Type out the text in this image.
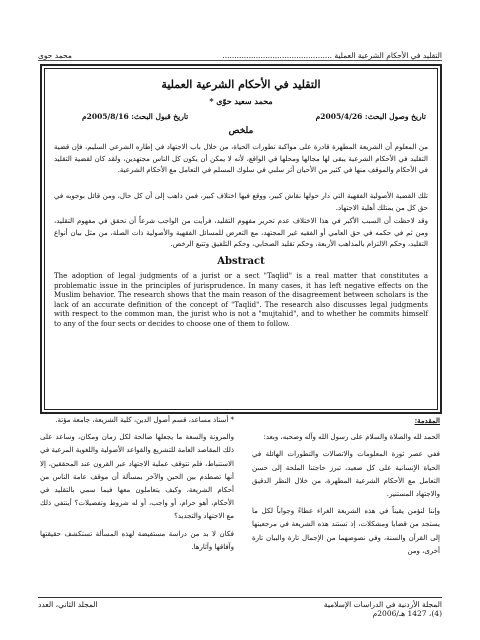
التقليد في الأحكام الشرعية العملية ..............................................
محمد حوى
التقليد في الأحكام الشرعية العملية
محمد سعيد حوّى *
تاريخ وصول البحث: 2005/4/26م
تاريخ قبول البحث: 2005/8/16م
ملخص
من المعلوم أن الشريعة المطهرة قادرة على مواكبة تطورات الحياة، من خلال باب الاجتهاد في إطاره الشرعي السليم، فإن قضية التقليد في الأحكام الشرعية يبقى لها مجالها ومحلها في الواقع، لأنه لا يمكن أن يكون كل الناس مجتهدين، ولقد كان لقضية التقليد في الأحكام والموقف منها في كثير من الأحيان أثر سلبي في سلوك المسلم في التعامل مع الأحكام الشرعية.
تلك القضية الأصولية الفقهية التي دار حولها نقاش كبير، ووقع فيها اختلاف كبير، فمن ذاهب إلى أن كل حال، ومن قائل بوجوبه في حق كل من يمتلك أهلية الاجتهاد.
وقد لاحظت أن السبب الأكبر في هذا الاختلاف عدم تحرير مفهوم التقليد، فرأيت من الواجب شرعاً أن نحقق في مفهوم التقليد، ومن ثم في حكمه في حق العامي أو الفقيه غير المجتهد، مع التعرض للمسائل الفقهية والأصولية ذات الصلة، من مثل بيان أنواع التقليد، وحكم الالتزام بالمذاهب الأربعة، وحكم تقليد الصحابي، وحكم التلفيق وتتبع الرخص.
Abstract
The adoption of legal judgments of a jurist or a sect "Taqlid" is a real matter that constitutes a problematic issue in the principles of jurisprudence. In many cases, it has left negative effects on the Muslim behavior. The research shows that the main reason of the disagreement between scholars is the lack of an accurate definition of the concept of "Taqlid". The research also discusses legal judgments with respect to the common man, the jurist who is not a "mujtahid", and to whether he commits himself to any of the four sects or decides to choose one of them to follow.

المقدمة:

الحمد لله والصلاة والسلام على رسول الله وآله وصحبه، وبعد:

ففي عصر ثورة المعلومات والاتصالات والتطورات الهائلة في الحياة الإنسانية على كل صعيد، تبرز حاجتنا الملحة إلى حسن التعامل مع الأحكام الشرعية المطهرة، من خلال النظر الدقيق والاجتهاد المستنير.

وإننا لنؤمن يقيناً في هذه الشريعة الغراء عطاءً وجواباً لكل ما يستجد من قضايا ومشكلات، إذ تستند هذه الشريعة في مرجعيتها إلى القرآن والسنة، وفي نصوصهما من الإجمال تارة والبيان تارة أخرى، ومن

* أستاذ مساعد، قسم أصول الدين، كلية الشريعة، جامعة مؤتة.

والمرونة والسعة ما يجعلها صالحة لكل زمان ومكان، وساعد على ذلك المقاصد العامة للتشريع والقواعد الأصولية واللغوية المرعية في الاستنباط، فلم تتوقف عملية الاجتهاد عبر القرون عند المحققين، إلا أنها تصطدم بين الحين والآخر بمسألة أن موقف عامة الناس من أحكام الشريعة، وكيف يتعاملون معها فيما سمي بالتقليد في الأحكام، أهو حرام، أو واجب، أو له شروط وتفصيلات؟ أينتفي ذلك مع الاجتهاد والتجديد؟

فكان لا بد من دراسة مستفيضة لهذه المسألة تستكشف حقيقتها وآفاقها وآثارها.

المجلة الأردنية في الدراسات الإسلامية
(4)، 1427 هـ/2006م
المجلد الثاني، العدد
